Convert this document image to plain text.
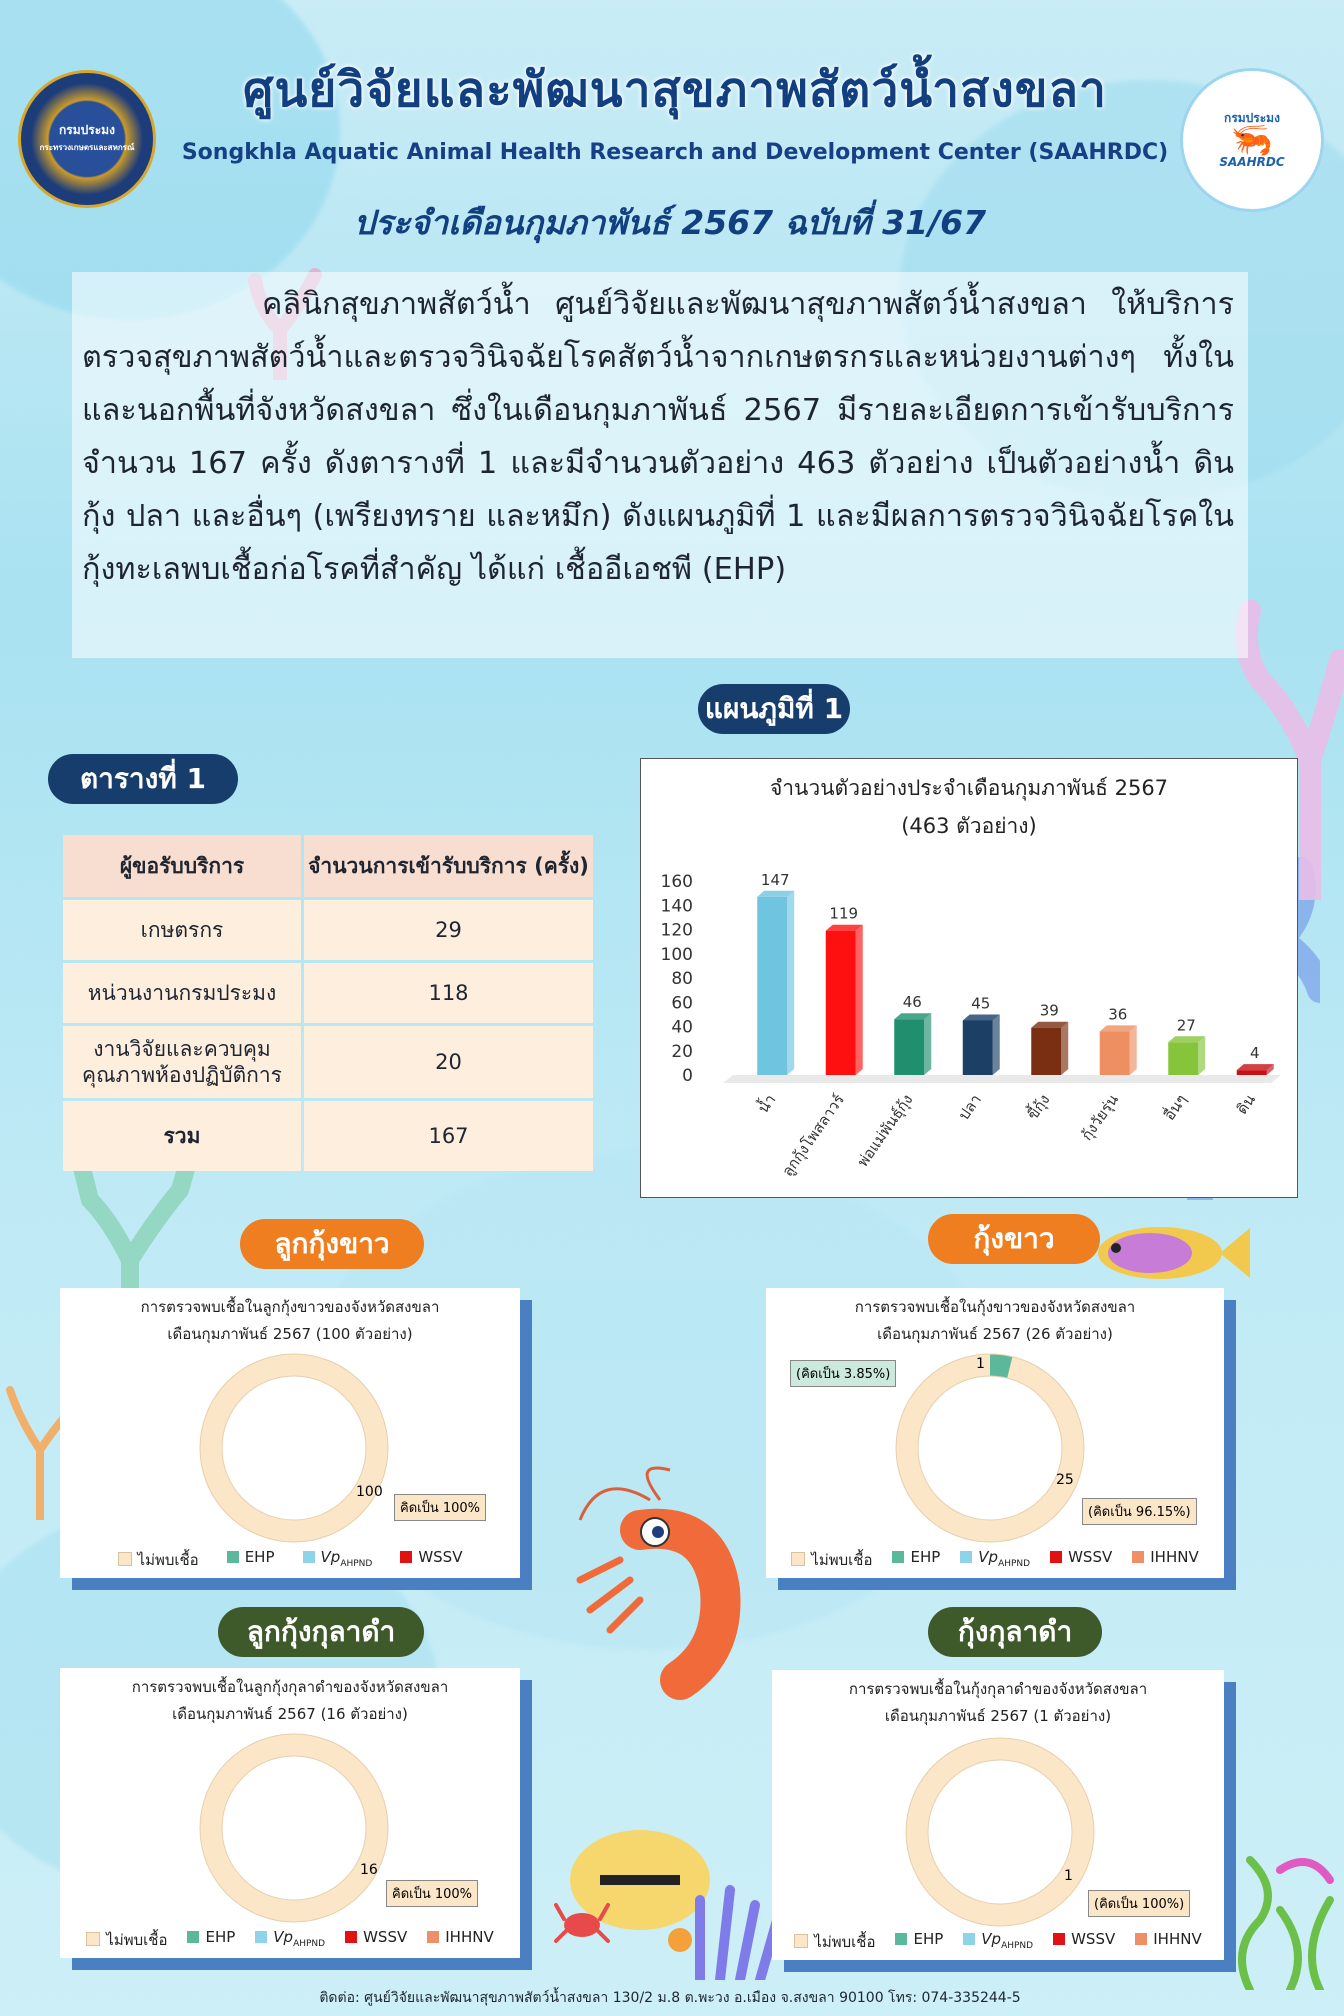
กรมประมง
กระทรวงเกษตรและสหกรณ์
กรมประมง
🦐
SAAHRDC
ศูนย์วิจัยและพัฒนาสุขภาพสัตว์น้ำสงขลา
Songkhla Aquatic Animal Health Research and Development Center (SAAHRDC)
ประจำเดือนกุมภาพันธ์ 2567 ฉบับที่ 31/67

คลินิกสุขภาพสัตว์น้ำ ศูนย์วิจัยและพัฒนาสุขภาพสัตว์น้ำสงขลา ให้บริการตรวจสุขภาพสัตว์น้ำและตรวจวินิจฉัยโรคสัตว์น้ำจากเกษตรกรและหน่วยงานต่างๆ ทั้งในและนอกพื้นที่จังหวัดสงขลา ซึ่งในเดือนกุมภาพันธ์ 2567 มีรายละเอียดการเข้ารับบริการจำนวน 167 ครั้ง ดังตารางที่ 1 และมีจำนวนตัวอย่าง 463 ตัวอย่าง เป็นตัวอย่างน้ำ ดิน กุ้ง ปลา และอื่นๆ (เพรียงทราย และหมึก) ดังแผนภูมิที่ 1 และมีผลการตรวจวินิจฉัยโรคในกุ้งทะเลพบเชื้อก่อโรคที่สำคัญ ได้แก่ เชื้ออีเอชพี (EHP)

แผนภูมิที่ 1
ตารางที่ 1
ผู้ขอรับบริการ	จำนวนการเข้ารับบริการ (ครั้ง)
เกษตรกร	29
หน่วนงานกรมประมง	118
งานวิจัยและควบคุม คุณภาพห้องปฏิบัติการ	20
รวม	167
จำนวนตัวอย่างประจำเดือนกุมภาพันธ์ 2567
(463 ตัวอย่าง)
0
20
40
60
80
100
120
140
160	147
น้ำ
119
ลูกกุ้งโพสลาวร์
46
พ่อแม่พันธุ์กุ้ง
45
ปลา
39
ขี้กุ้ง
36
กุ้งวัยรุ่น
27
อื่นๆ
4
ดิน
ลูกกุ้งขาว	กุ้งขาว
ลูกกุ้งกุลาดำ	กุ้งกุลาดำ
การตรวจพบเชื้อในลูกกุ้งขาวของจังหวัดสงขลา
เดือนกุมภาพันธ์ 2567 (100 ตัวอย่าง)
100
คิดเป็น 100%
ไม่พบเชื้อ	EHP	$Vp_{AHPND}$	WSSV
การตรวจพบเชื้อในกุ้งขาวของจังหวัดสงขลา
เดือนกุมภาพันธ์ 2567 (26 ตัวอย่าง)
1
(คิดเป็น 3.85%)
25
(คิดเป็น 96.15%)
ไม่พบเชื้อ	EHP	$Vp_{AHPND}$	WSSV	IHHNV
การตรวจพบเชื้อในลูกกุ้งกุลาดำของจังหวัดสงขลา
เดือนกุมภาพันธ์ 2567 (16 ตัวอย่าง)
16
คิดเป็น 100%
ไม่พบเชื้อ	EHP	$Vp_{AHPND}$	WSSV	IHHNV
การตรวจพบเชื้อในกุ้งกุลาดำของจังหวัดสงขลา
เดือนกุมภาพันธ์ 2567 (1 ตัวอย่าง)
1
(คิดเป็น 100%)
ไม่พบเชื้อ	EHP	$Vp_{AHPND}$	WSSV	IHHNV
ติดต่อ: ศูนย์วิจัยและพัฒนาสุขภาพสัตว์น้ำสงขลา 130/2 ม.8 ต.พะวง อ.เมือง จ.สงขลา 90100 โทร: 074-335244-5
